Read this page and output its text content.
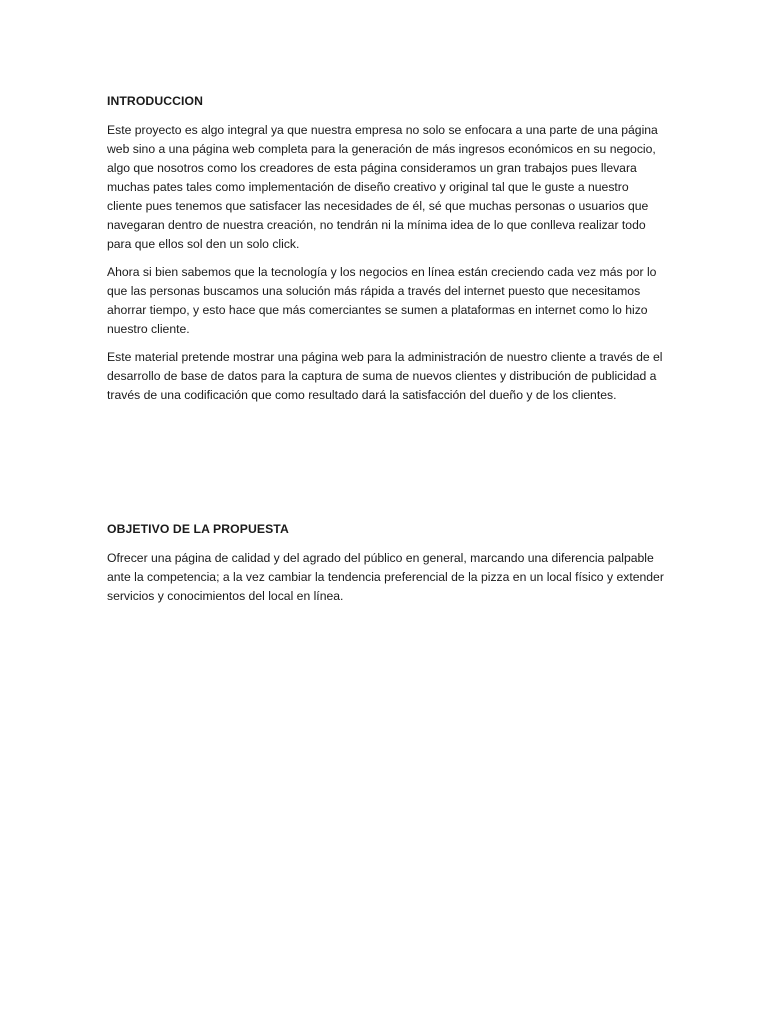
INTRODUCCION

Este proyecto es algo integral ya que nuestra empresa no solo se enfocara a una parte de una página web sino a una página web completa para la generación de más ingresos económicos en su negocio, algo que nosotros como los creadores de esta página consideramos un gran trabajos pues llevara muchas pates tales como implementación de diseño creativo y original tal que le guste a nuestro cliente pues tenemos que satisfacer las necesidades de él, sé que muchas personas o usuarios que navegaran dentro de nuestra creación, no tendrán ni la mínima idea de lo que conlleva realizar todo para que ellos sol den un solo click.

Ahora si bien sabemos que la tecnología y los negocios en línea están creciendo cada vez más por lo que las personas buscamos una solución más rápida a través del internet puesto que necesitamos ahorrar tiempo, y esto hace que más comerciantes se sumen a plataformas en internet como lo hizo nuestro cliente.

Este material pretende mostrar una página web para la administración de nuestro cliente a través de el desarrollo de base de datos para la captura de suma de nuevos clientes y distribución de publicidad a través de una codificación que como resultado dará la satisfacción del dueño y de los clientes.

OBJETIVO DE LA PROPUESTA

Ofrecer una página de calidad y del agrado del público en general, marcando una diferencia palpable ante la competencia; a la vez cambiar la tendencia preferencial de la pizza en un local físico y extender servicios y conocimientos del local en línea.
